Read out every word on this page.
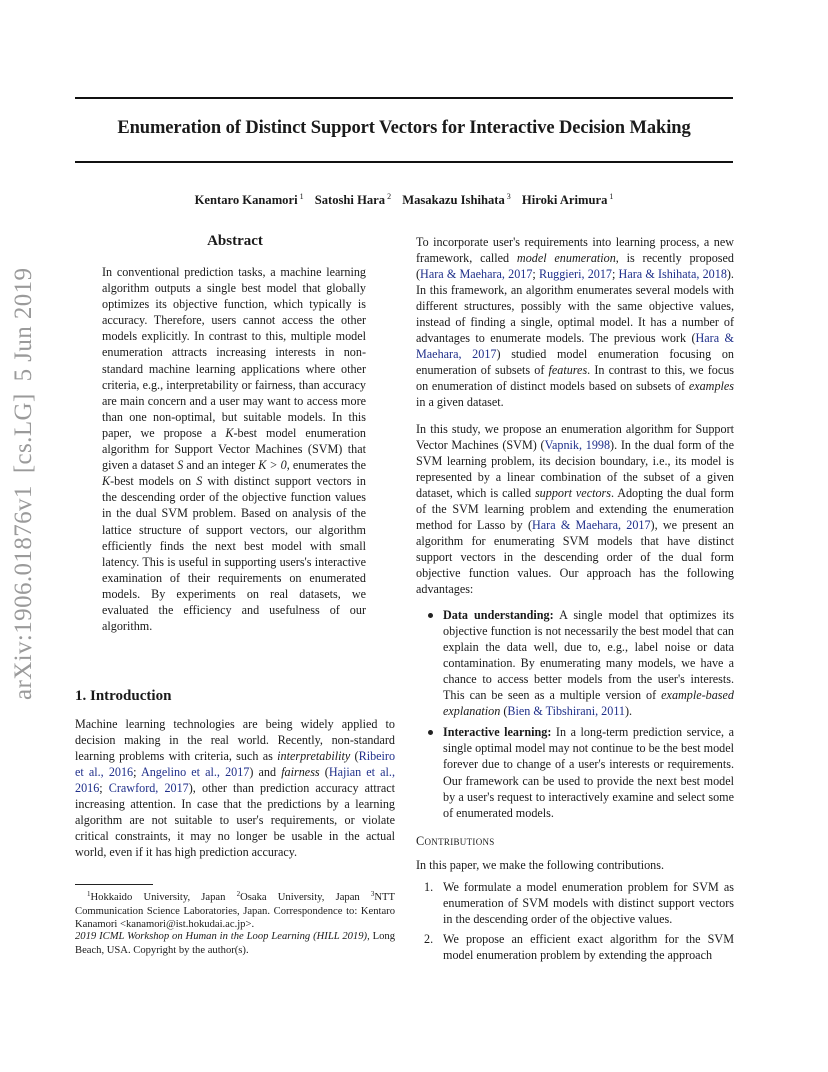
Enumeration of Distinct Support Vectors for Interactive Decision Making
Kentaro Kanamori $^1$ Satoshi Hara $^2$ Masakazu Ishihata $^3$ Hiroki Arimura $^1$
arXiv:1906.01876v1[cs.LG]5 Jun 2019
Abstract
In conventional prediction tasks, a machine learning algorithm outputs a single best model that globally optimizes its objective function, which typically is accuracy. Therefore, users cannot access the other models explicitly. In contrast to this, multiple model enumeration attracts increasing interests in non-standard machine learning applications where other criteria, e.g., interpretability or fairness, than accuracy are main concern and a user may want to access more than one non-optimal, but suitable models. In this paper, we propose a K-best model enumeration algorithm for Support Vector Machines (SVM) that given a dataset S and an integer K > 0, enumerates the K-best models on S with distinct support vectors in the descending order of the objective function values in the dual SVM problem. Based on analysis of the lattice structure of support vectors, our algorithm efficiently finds the next best model with small latency. This is useful in supporting users's interactive examination of their requirements on enumerated models. By experiments on real datasets, we evaluated the efficiency and usefulness of our algorithm.
1. Introduction
Machine learning technologies are being widely applied to decision making in the real world. Recently, non-standard learning problems with criteria, such as interpretability (Ribeiro et al., 2016; Angelino et al., 2017) and fairness (Hajian et al., 2016; Crawford, 2017), other than prediction accuracy attract increasing attention. In case that the predictions by a learning algorithm are not suitable to user's requirements, or violate critical constraints, it may no longer be usable in the actual world, even if it has high prediction accuracy.

$^1$Hokkaido University, Japan $^2$Osaka University, Japan $^3$NTT Communication Science Laboratories, Japan. Correspondence to: Kentaro Kanamori <kanamori@ist.hokudai.ac.jp>.

2019 ICML Workshop on Human in the Loop Learning (HILL 2019), Long Beach, USA. Copyright by the author(s).

To incorporate user's requirements into learning process, a new framework, called model enumeration, is recently proposed (Hara & Maehara, 2017; Ruggieri, 2017; Hara & Ishihata, 2018). In this framework, an algorithm enumerates several models with different structures, possibly with the same objective values, instead of finding a single, optimal model. It has a number of advantages to enumerate models. The previous work (Hara & Maehara, 2017) studied model enumeration focusing on enumeration of subsets of features. In contrast to this, we focus on enumeration of distinct models based on subsets of examples in a given dataset.

In this study, we propose an enumeration algorithm for Support Vector Machines (SVM) (Vapnik, 1998). In the dual form of the SVM learning problem, its decision boundary, i.e., its model is represented by a linear combination of the subset of a given dataset, which is called support vectors. Adopting the dual form of the SVM learning problem and extending the enumeration method for Lasso by (Hara & Maehara, 2017), we present an algorithm for enumerating SVM models that have distinct support vectors in the descending order of the dual form objective function values. Our approach has the following advantages:

Data understanding: A single model that optimizes its objective function is not necessarily the best model that can explain the data well, due to, e.g., label noise or data contamination. By enumerating many models, we have a chance to access better models from the user's interests. This can be seen as a multiple version of example-based explanation (Bien & Tibshirani, 2011).
Interactive learning: In a long-term prediction service, a single optimal model may not continue to be the best model forever due to change of a user's interests or requirements. Our framework can be used to provide the next best model by a user's request to interactively examine and select some of enumerated models.
Contributions

In this paper, we make the following contributions.

1. We formulate a model enumeration problem for SVM as enumeration of SVM models with distinct support vectors in the descending order of the objective values.
2. We propose an efficient exact algorithm for the SVM model enumeration problem by extending the approach
